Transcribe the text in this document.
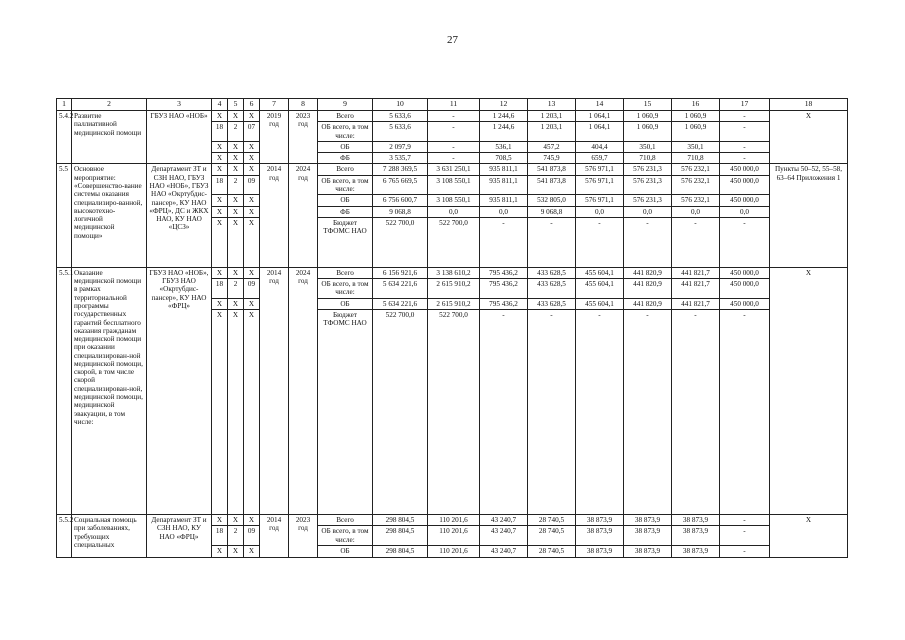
27
1	2	3	4	5	6	7	8	9	10	11	12	13	14	15	16	17	18
5.4.2	Развитие паллиативной медицинской помощи	ГБУЗ НАО «НОБ»	X	X	X	2019 год	2023 год	Всего	5 633,6	-	1 244,6	1 203,1	1 064,1	1 060,9	1 060,9	-	X
			18	2	07			ОБ всего, в том числе:	5 633,6	-	1 244,6	1 203,1	1 064,1	1 060,9	1 060,9	-	
			X	X	X			ОБ	2 097,9	-	536,1	457,2	404,4	350,1	350,1	-	
			X	X	X			ФБ	3 535,7	-	708,5	745,9	659,7	710,8	710,8	-	
5.5	Основное мероприятие: «Совершенство-вание системы оказания специализиро-ванной, высокотехно-логичной медицинской помощи»	Департамент ЗТ и СЗН НАО, ГБУЗ НАО «НОБ», ГБУЗ НАО «Окртубдис-пансер», КУ НАО «ФРЦ», ДС и ЖКХ НАО, КУ НАО «ЦСЗ»	X	X	X	2014 год	2024 год	Всего	7 288 369,5	3 631 250,1	935 811,1	541 873,8	576 971,1	576 231,3	576 232,1	450 000,0	Пункты 50–52, 55–58, 63–64 Приложения 1
			18	2	09			ОБ всего, в том числе:	6 765 669,5	3 108 550,1	935 811,1	541 873,8	576 971,1	576 231,3	576 232,1	450 000,0	
			X	X	X			ОБ	6 756 600,7	3 108 550,1	935 811,1	532 805,0	576 971,1	576 231,3	576 232,1	450 000,0	
			X	X	X			ФБ	9 068,8	0,0	0,0	9 068,8	0,0	0,0	0,0	0,0	
			X	X	X			Бюджет ТФОМС НАО	522 700,0	522 700,0	-	-	-	-	-	-	
5.5.1	Оказание медицинской помощи в рамках территориальной программы государственных гарантий бесплатного оказания гражданам медицинской помощи при оказании специализирован-ной медицинской помощи, скорой, в том числе скорой специализирован-ной, медицинской помощи, медицинской эвакуации, в том числе:	ГБУЗ НАО «НОБ», ГБУЗ НАО «Окртубдис-пансер», КУ НАО «ФРЦ»	X	X	X	2014 год	2024 год	Всего	6 156 921,6	3 138 610,2	795 436,2	433 628,5	455 604,1	441 820,9	441 821,7	450 000,0	X
			18	2	09			ОБ всего, в том числе:	5 634 221,6	2 615 910,2	795 436,2	433 628,5	455 604,1	441 820,9	441 821,7	450 000,0	
			X	X	X			ОБ	5 634 221,6	2 615 910,2	795 436,2	433 628,5	455 604,1	441 820,9	441 821,7	450 000,0	
			X	X	X			Бюджет ТФОМС НАО	522 700,0	522 700,0	-	-	-	-	-	-	
5.5.2	Социальная помощь при заболеваниях, требующих специальных	Департамент ЗТ и СЗН НАО, КУ НАО «ФРЦ»	X	X	X	2014 год	2023 год	Всего	298 804,5	110 201,6	43 240,7	28 740,5	38 873,9	38 873,9	38 873,9	-	X
			18	2	09			ОБ всего, в том числе:	298 804,5	110 201,6	43 240,7	28 740,5	38 873,9	38 873,9	38 873,9	-	
			X	X	X			ОБ	298 804,5	110 201,6	43 240,7	28 740,5	38 873,9	38 873,9	38 873,9	-	
